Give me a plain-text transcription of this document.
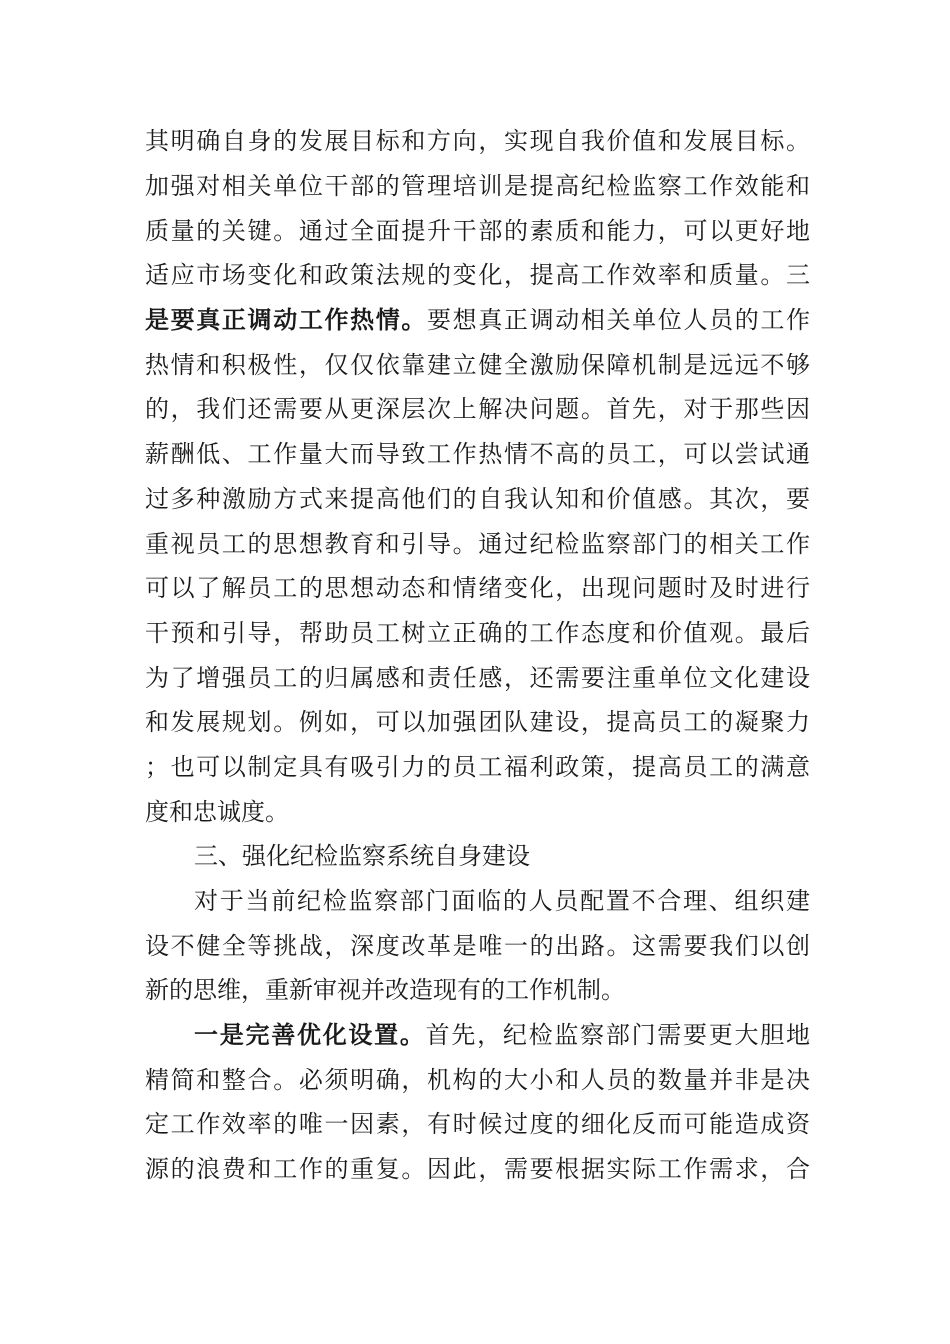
其明确自身的发展目标和方向，实现自我价值和发展目标。
加强对相关单位干部的管理培训是提高纪检监察工作效能和
质量的关键。通过全面提升干部的素质和能力，可以更好地
适应市场变化和政策法规的变化，提高工作效率和质量。三
是要真正调动工作热情。要想真正调动相关单位人员的工作
热情和积极性，仅仅依靠建立健全激励保障机制是远远不够
的，我们还需要从更深层次上解决问题。首先，对于那些因
薪酬低、工作量大而导致工作热情不高的员工，可以尝试通
过多种激励方式来提高他们的自我认知和价值感。其次，要
重视员工的思想教育和引导。通过纪检监察部门的相关工作
可以了解员工的思想动态和情绪变化，出现问题时及时进行
干预和引导，帮助员工树立正确的工作态度和价值观。最后
为了增强员工的归属感和责任感，还需要注重单位文化建设
和发展规划。例如，可以加强团队建设，提高员工的凝聚力
；也可以制定具有吸引力的员工福利政策，提高员工的满意
度和忠诚度。
三、强化纪检监察系统自身建设
对于当前纪检监察部门面临的人员配置不合理、组织建
设不健全等挑战，深度改革是唯一的出路。这需要我们以创
新的思维，重新审视并改造现有的工作机制。
一是完善优化设置。首先，纪检监察部门需要更大胆地
精简和整合。必须明确，机构的大小和人员的数量并非是决
定工作效率的唯一因素，有时候过度的细化反而可能造成资
源的浪费和工作的重复。因此，需要根据实际工作需求，合
